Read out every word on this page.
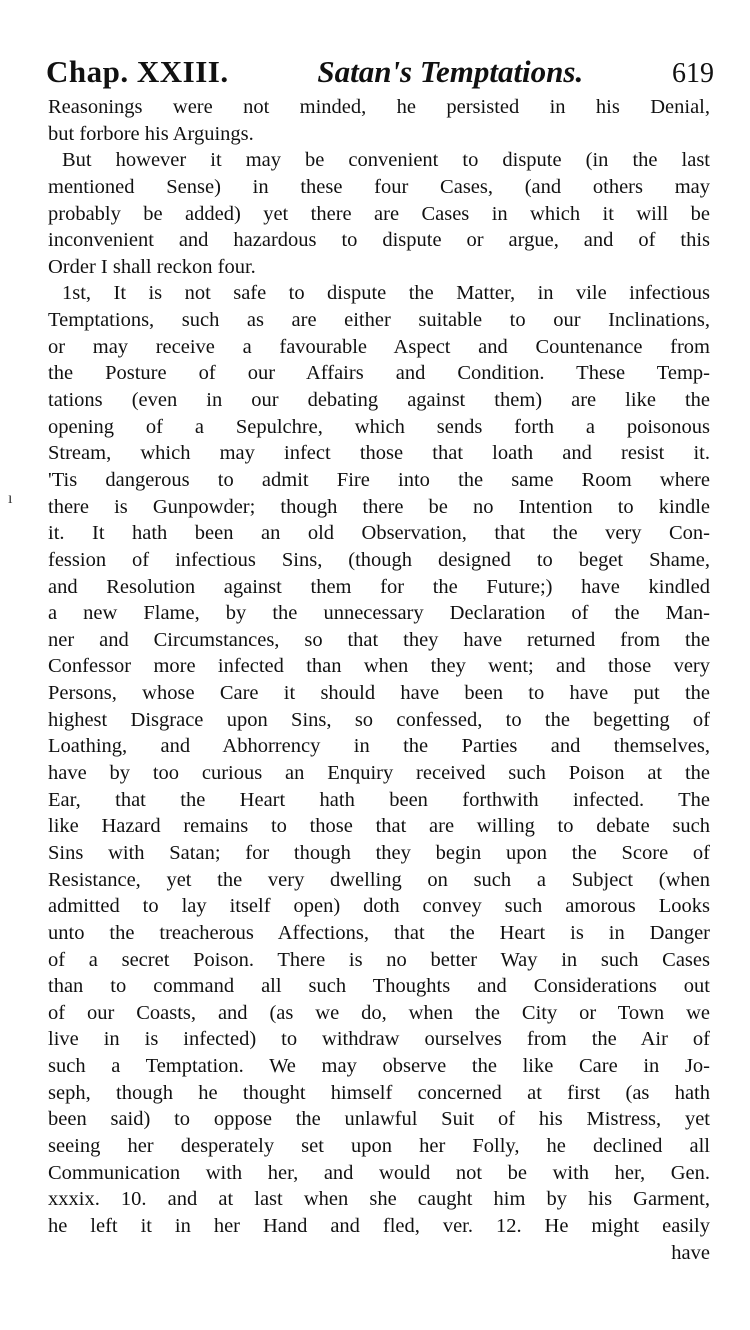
Chap. XXIII.	Satan's Temptations.	619
ı
Reasonings were not minded, he persisted in his Denial,
but forbore his Arguings.
But however it may be convenient to dispute (in the last
mentioned Sense) in these four Cases, (and others may
probably be added) yet there are Cases in which it will be
inconvenient and hazardous to dispute or argue, and of this
Order I shall reckon four.
1st, It is not safe to dispute the Matter, in vile infectious
Temptations, such as are either suitable to our Inclinations,
or may receive a favourable Aspect and Countenance from
the Posture of our Affairs and Condition. These Temp-
tations (even in our debating against them) are like the
opening of a Sepulchre, which sends forth a poisonous
Stream, which may infect those that loath and resist it.
'Tis dangerous to admit Fire into the same Room where
there is Gunpowder; though there be no Intention to kindle
it. It hath been an old Observation, that the very Con-
fession of infectious Sins, (though designed to beget Shame,
and Resolution against them for the Future;) have kindled
a new Flame, by the unnecessary Declaration of the Man-
ner and Circumstances, so that they have returned from the
Confessor more infected than when they went; and those very
Persons, whose Care it should have been to have put the
highest Disgrace upon Sins, so confessed, to the begetting of
Loathing, and Abhorrency in the Parties and themselves,
have by too curious an Enquiry received such Poison at the
Ear, that the Heart hath been forthwith infected. The
like Hazard remains to those that are willing to debate such
Sins with Satan; for though they begin upon the Score of
Resistance, yet the very dwelling on such a Subject (when
admitted to lay itself open) doth convey such amorous Looks
unto the treacherous Affections, that the Heart is in Danger
of a secret Poison. There is no better Way in such Cases
than to command all such Thoughts and Considerations out
of our Coasts, and (as we do, when the City or Town we
live in is infected) to withdraw ourselves from the Air of
such a Temptation. We may observe the like Care in Jo-
seph, though he thought himself concerned at first (as hath
been said) to oppose the unlawful Suit of his Mistress, yet
seeing her desperately set upon her Folly, he declined all
Communication with her, and would not be with her, Gen.
xxxix. 10. and at last when she caught him by his Garment,
he left it in her Hand and fled, ver. 12. He might easily
have
